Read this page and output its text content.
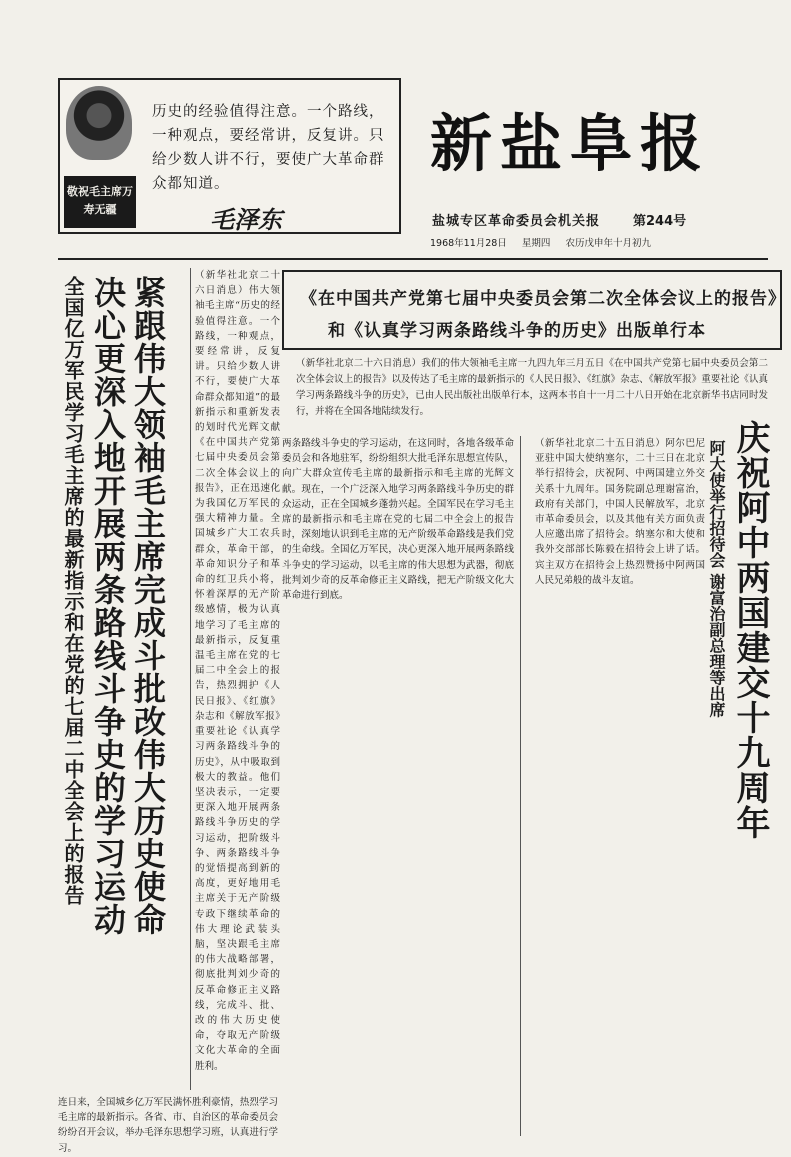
敬祝毛主席万寿无疆
历史的经验值得注意。一个路线，一种观点，要经常讲，反复讲。只给少数人讲不行，要使广大革命群众都知道。
毛泽东
新盐阜报
盐城专区革命委员会机关报	第244号
1968年11月28日 星期四 农历戊申年十月初九
紧跟伟大领袖毛主席完成斗批改伟大历史使命
决心更深入地开展两条路线斗争史的学习运动
全国亿万军民学习毛主席的最新指示和在党的七届二中全会上的报告
（新华社北京二十六日消息）伟大领袖毛主席“历史的经验值得注意。一个路线，一种观点，要经常讲，反复讲。只给少数人讲不行，要使广大革命群众都知道”的最新指示和重新发表的划时代光辉文献《在中国共产党第七届中央委员会第二次全体会议上的报告》，正在迅速化为我国亿万军民的强大精神力量。全国城乡广大工农兵群众，革命干部，革命知识分子和革命的红卫兵小将，怀着深厚的无产阶级感情，极为认真地学习了毛主席的最新指示，反复重温毛主席在党的七届二中全会上的报告，热烈拥护《人民日报》、《红旗》杂志和《解放军报》重要社论《认真学习两条路线斗争的历史》，从中吸取到极大的教益。他们坚决表示，一定要更深入地开展两条路线斗争历史的学习运动，把阶级斗争、两条路线斗争的觉悟提高到新的高度，更好地用毛主席关于无产阶级专政下继续革命的伟大理论武装头脑，坚决跟毛主席的伟大战略部署，彻底批判刘少奇的反革命修正主义路线，完成斗、批、改的伟大历史使命，夺取无产阶级文化大革命的全面胜利。
连日来，全国城乡亿万军民满怀胜利豪情，热烈学习毛主席的最新指示。各省、市、自治区的革命委员会纷纷召开会议，举办毛泽东思想学习班，认真进行学习。
《在中国共产党第七届中央委员会第二次全体会议上的报告》
和《认真学习两条路线斗争的历史》出版单行本
（新华社北京二十六日消息）我们的伟大领袖毛主席一九四九年三月五日《在中国共产党第七届中央委员会第二次全体会议上的报告》以及传达了毛主席的最新指示的《人民日报》、《红旗》杂志、《解放军报》重要社论《认真学习两条路线斗争的历史》，已由人民出版社出版单行本，这两本书自十一月二十八日开始在北京新华书店同时发行，并将在全国各地陆续发行。
两条路线斗争史的学习运动，在这同时，各地各级革命委员会和各地驻军，纷纷组织大批毛泽东思想宣传队，向广大群众宣传毛主席的最新指示和毛主席的光辉文献。现在，一个广泛深入地学习两条路线斗争历史的群众运动，正在全国城乡蓬勃兴起。全国军民在学习毛主席的最新指示和毛主席在党的七届二中全会上的报告时，深刻地认识到毛主席的无产阶级革命路线是我们党的生命线。全国亿万军民，决心更深入地开展两条路线斗争史的学习运动，以毛主席的伟大思想为武器，彻底批判刘少奇的反革命修正主义路线，把无产阶级文化大革命进行到底。
（新华社北京二十五日消息）阿尔巴尼亚驻中国大使纳塞尔，二十三日在北京举行招待会，庆祝阿、中两国建立外交关系十九周年。国务院副总理谢富治，政府有关部门，中国人民解放军，北京市革命委员会，以及其他有关方面负责人应邀出席了招待会。纳塞尔和大使和我外交部部长陈毅在招待会上讲了话。宾主双方在招待会上热烈赞扬中阿两国人民兄弟般的战斗友谊。	庆祝阿中两国建交十九周年
阿大使举行招待会 谢富治副总理等出席
